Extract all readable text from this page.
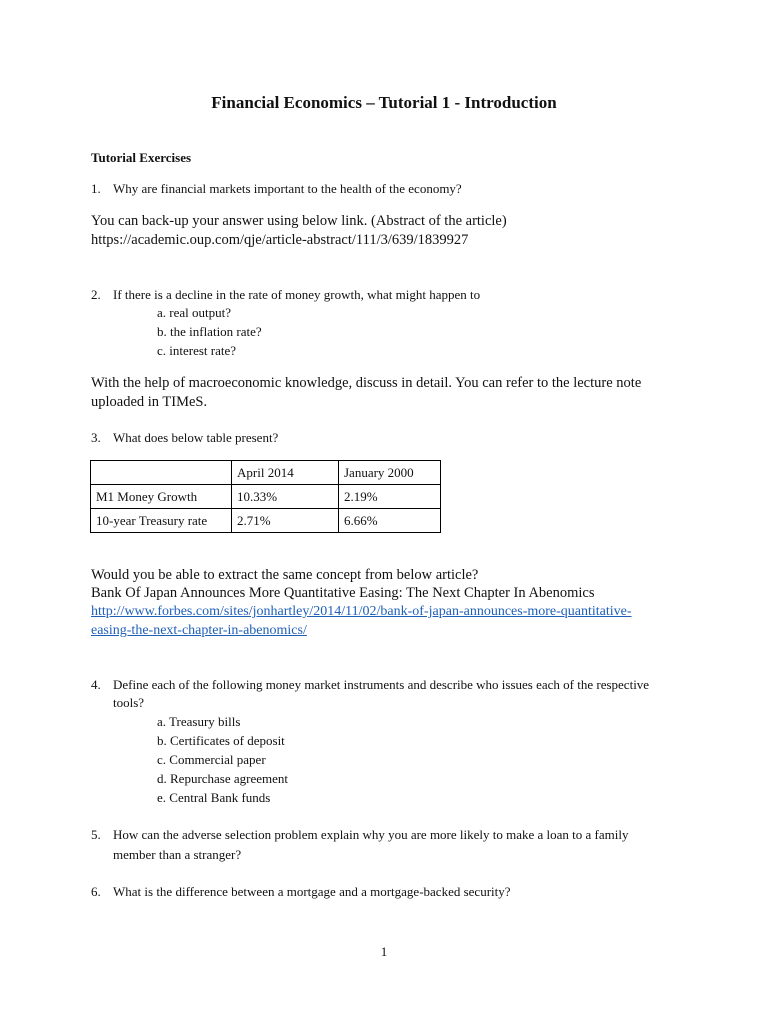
Financial Economics – Tutorial 1 - Introduction
Tutorial Exercises
1. Why are financial markets important to the health of the economy?
You can back-up your answer using below link. (Abstract of the article)
https://academic.oup.com/qje/article-abstract/111/3/639/1839927
2. If there is a decline in the rate of money growth, what might happen to
a. real output?
b. the inflation rate?
c. interest rate?
With the help of macroeconomic knowledge, discuss in detail. You can refer to the lecture note
uploaded in TIMeS.
3. What does below table present?
	April 2014	January 2000
M1 Money Growth	10.33%	2.19%
10-year Treasury rate	2.71%	6.66%
Would you be able to extract the same concept from below article?
Bank Of Japan Announces More Quantitative Easing: The Next Chapter In Abenomics
http://www.forbes.com/sites/jonhartley/2014/11/02/bank-of-japan-announces-more-quantitative-
easing-the-next-chapter-in-abenomics/
4. Define each of the following money market instruments and describe who issues each of the respective
tools?
a. Treasury bills
b. Certificates of deposit
c. Commercial paper
d. Repurchase agreement
e. Central Bank funds
5. How can the adverse selection problem explain why you are more likely to make a loan to a family
member than a stranger?
6. What is the difference between a mortgage and a mortgage-backed security?
1
